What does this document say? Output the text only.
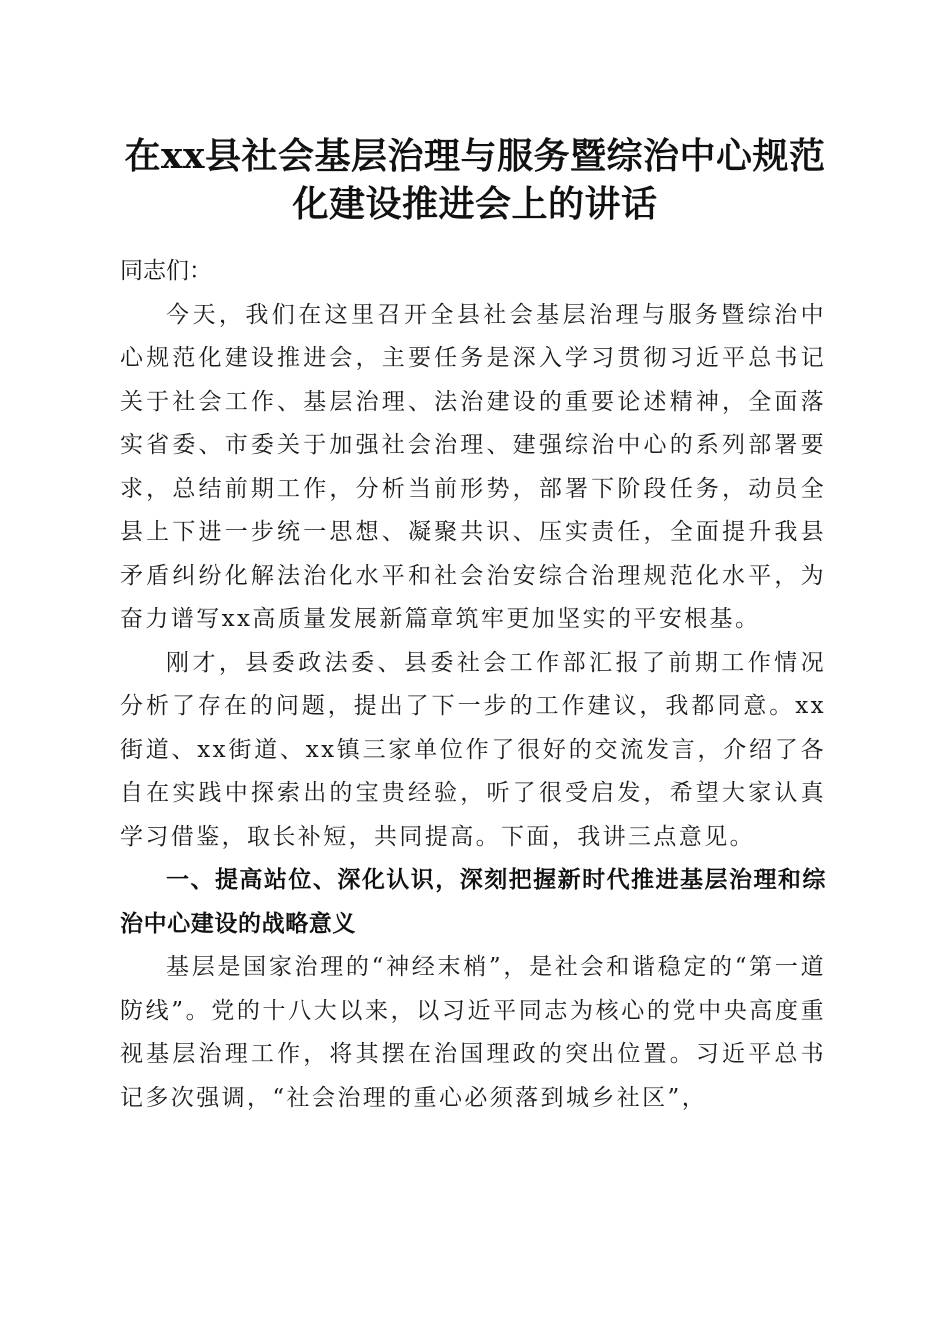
在xx县社会基层治理与服务暨综治中心规范化建设推进会上的讲话

同志们：

今天，我们在这里召开全县社会基层治理与服务暨综治中心规范化建设推进会，主要任务是深入学习贯彻习近平总书记关于社会工作、基层治理、法治建设的重要论述精神，全面落实省委、市委关于加强社会治理、建强综治中心的系列部署要求，总结前期工作，分析当前形势，部署下阶段任务，动员全县上下进一步统一思想、凝聚共识、压实责任，全面提升我县矛盾纠纷化解法治化水平和社会治安综合治理规范化水平，为奋力谱写xx高质量发展新篇章筑牢更加坚实的平安根基。

刚才，县委政法委、县委社会工作部汇报了前期工作情况分析了存在的问题，提出了下一步的工作建议，我都同意。xx街道、xx街道、xx镇三家单位作了很好的交流发言，介绍了各自在实践中探索出的宝贵经验，听了很受启发，希望大家认真学习借鉴，取长补短，共同提高。下面，我讲三点意见。

一、提高站位、深化认识，深刻把握新时代推进基层治理和综治中心建设的战略意义

基层是国家治理的“神经末梢”，是社会和谐稳定的“第一道防线”。党的十八大以来，以习近平同志为核心的党中央高度重视基层治理工作，将其摆在治国理政的突出位置。习近平总书记多次强调，“社会治理的重心必须落到城乡社区”，
